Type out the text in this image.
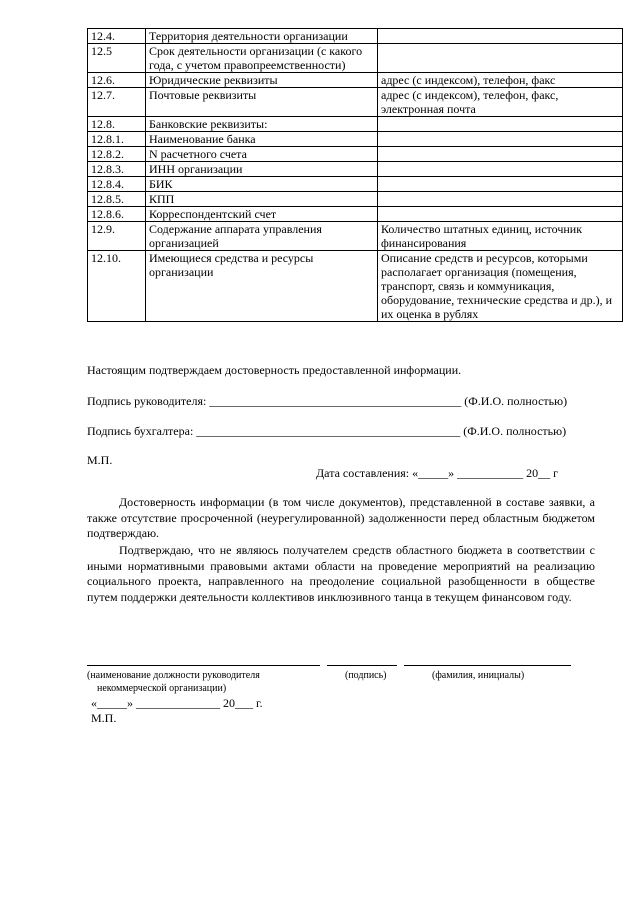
12.4.	Территория деятельности организации	
12.5	Срок деятельности организации (с какого года, с учетом правопреемственности)	
12.6.	Юридические реквизиты	адрес (с индексом), телефон, факс
12.7.	Почтовые реквизиты	адрес (с индексом), телефон, факс, электронная почта
12.8.	Банковские реквизиты:	
12.8.1.	Наименование банка	
12.8.2.	N расчетного счета	
12.8.3.	ИНН организации	
12.8.4.	БИК	
12.8.5.	КПП	
12.8.6.	Корреспондентский счет	
12.9.	Содержание аппарата управления организацией	Количество штатных единиц, источник финансирования
12.10.	Имеющиеся средства и ресурсы организации	Описание средств и ресурсов, которыми располагает организация (помещения, транспорт, связь и коммуникация, оборудование, технические средства и др.), и их оценка в рублях
Настоящим подтверждаем достоверность предоставленной информации.
Подпись руководителя: __________________________________________ (Ф.И.О. полностью)
Подпись бухгалтера: ____________________________________________ (Ф.И.О. полностью)
М.П.
Дата составления: «_____» ___________ 20__ г
Достоверность информации (в том числе документов), представленной в составе заявки, а также отсутствие просроченной (неурегулированной) задолженности перед областным бюджетом подтверждаю.
Подтверждаю, что не являюсь получателем средств областного бюджета в соответствии с иными нормативными правовыми актами области на проведение мероприятий на реализацию социального проекта, направленного на преодоление социальной разобщенности в обществе путем поддержки деятельности коллективов инклюзивного танца в текущем финансовом году.
(наименование должности руководителя
некоммерческой организации)
(подпись)	(фамилия, инициалы)
«_____» ______________ 20___ г.
М.П.
